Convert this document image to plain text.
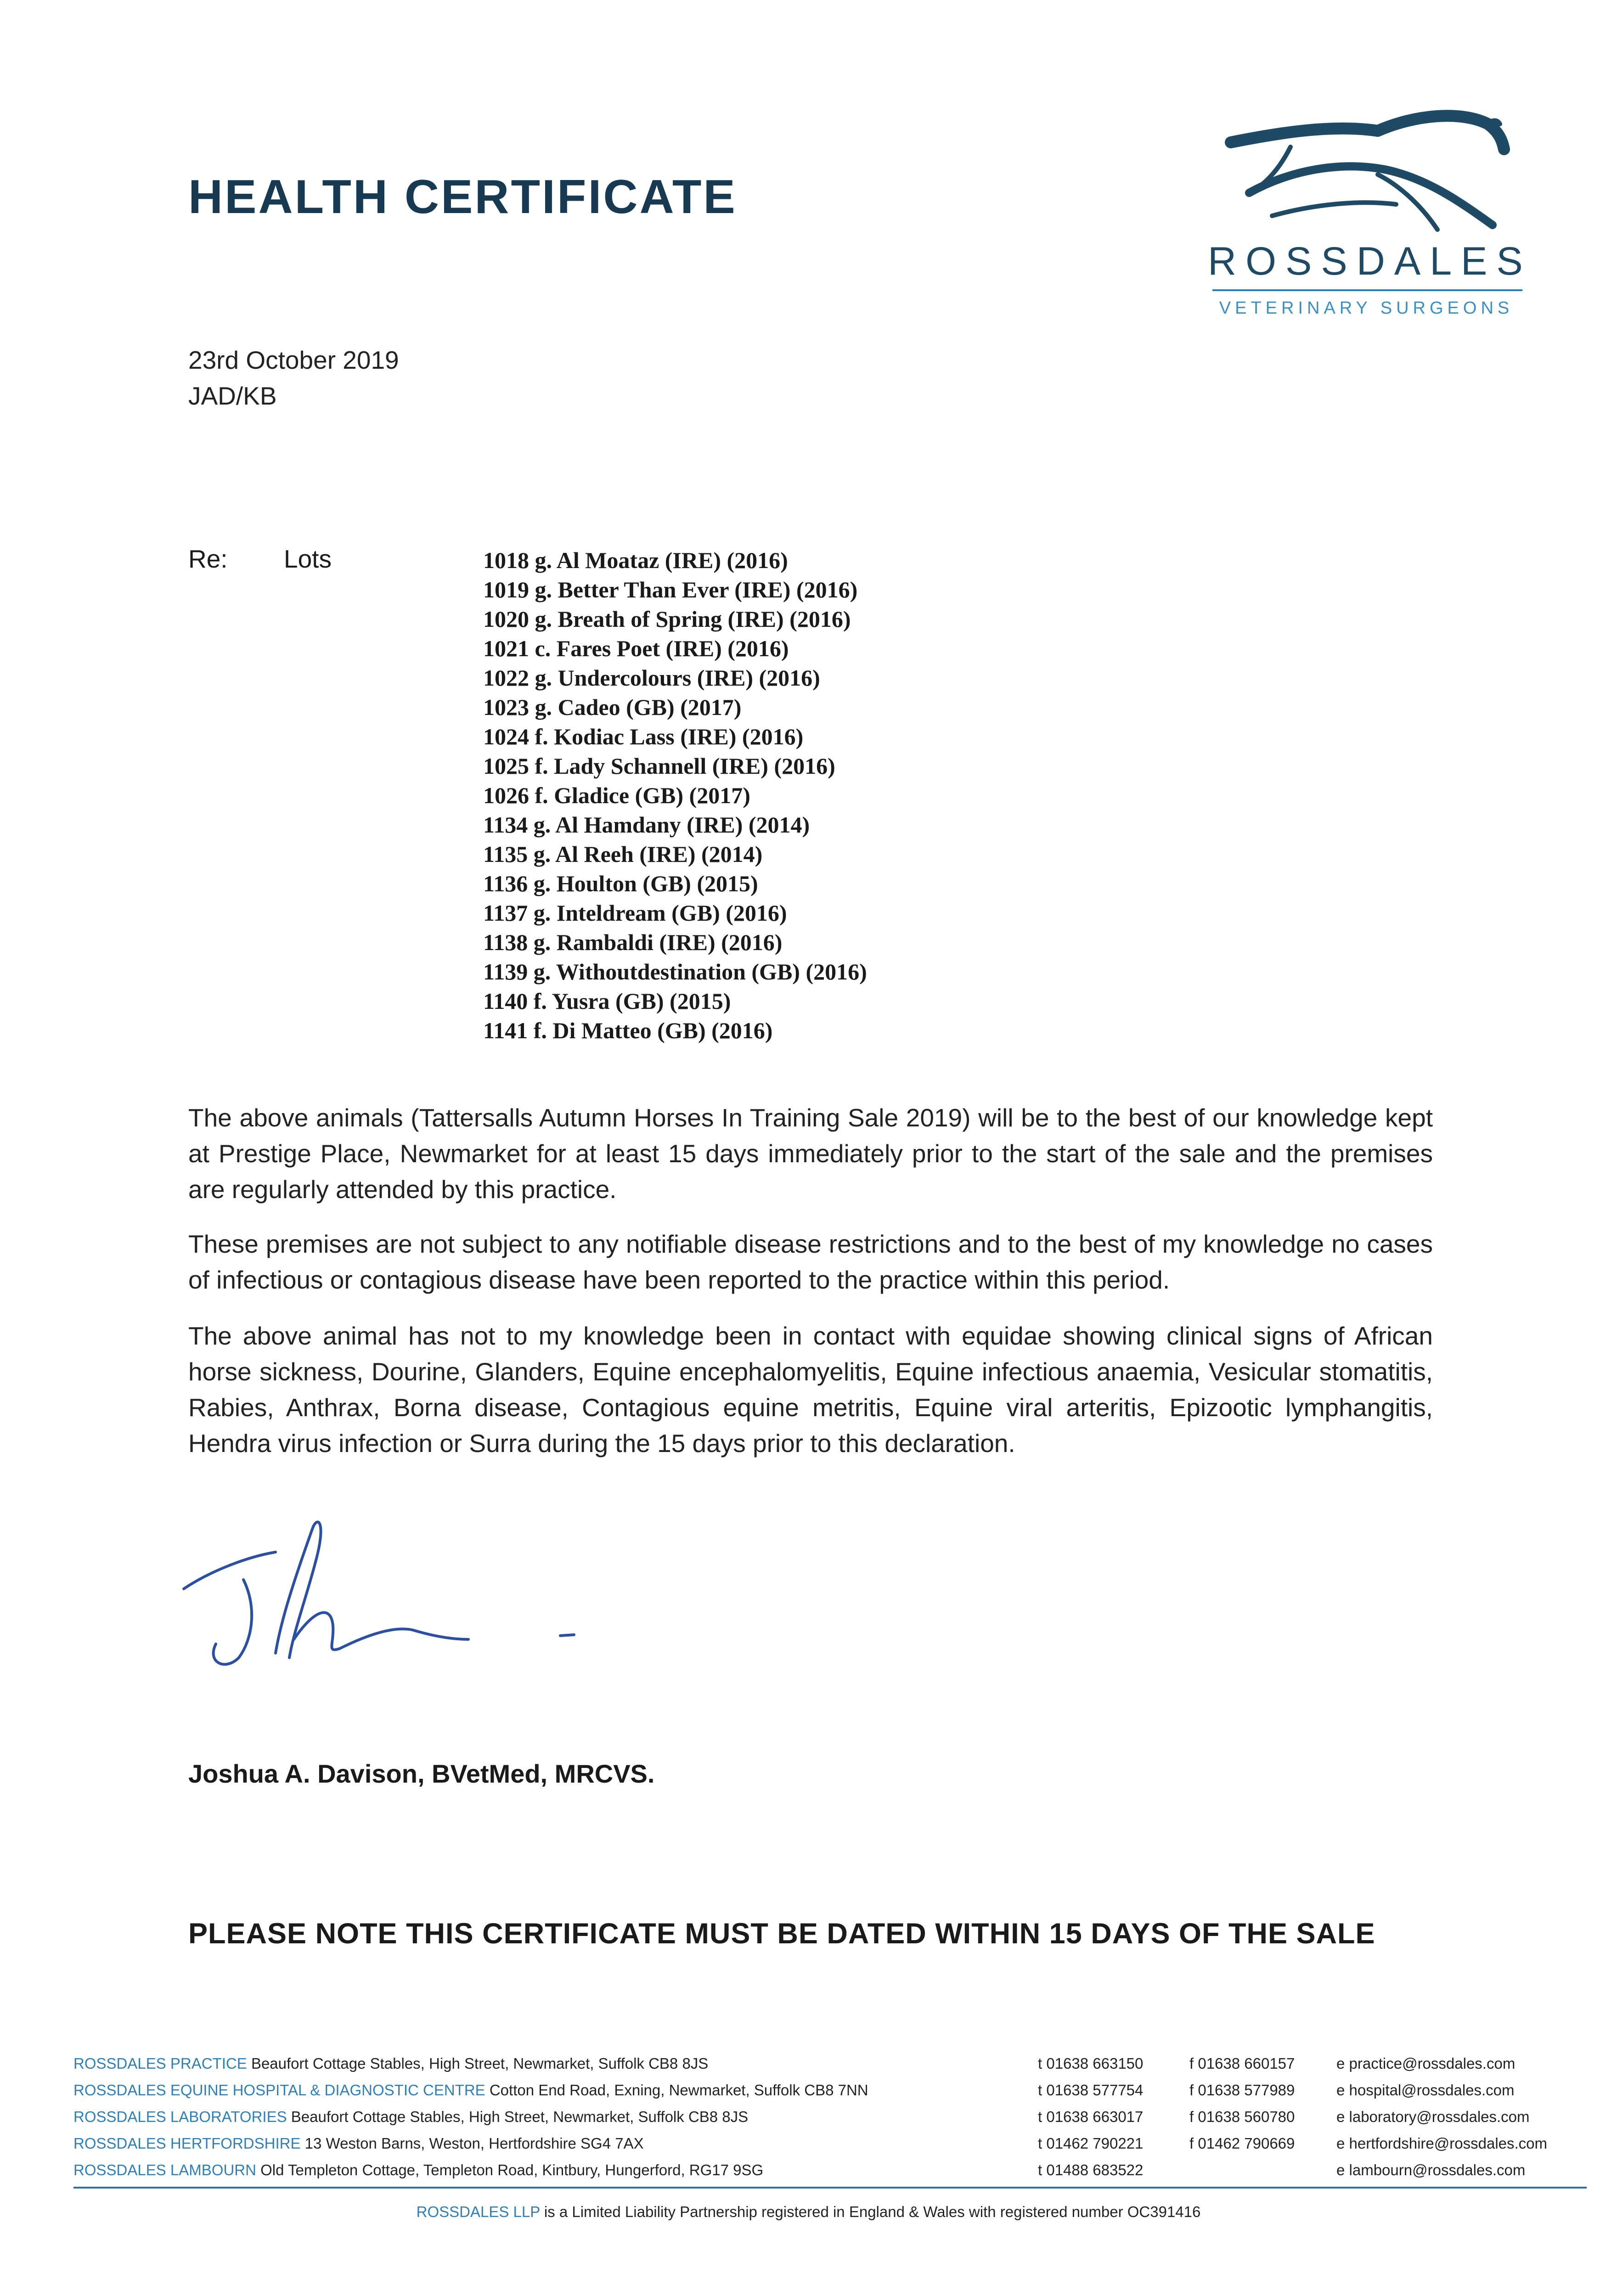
HEALTH CERTIFICATE
ROSSDALES
VETERINARY SURGEONS
23rd October 2019
JAD/KB
Re: Lots	1018 g. Al Moataz (IRE) (2016)
1019 g. Better Than Ever (IRE) (2016)
1020 g. Breath of Spring (IRE) (2016)
1021 c. Fares Poet (IRE) (2016)
1022 g. Undercolours (IRE) (2016)
1023 g. Cadeo (GB) (2017)
1024 f. Kodiac Lass (IRE) (2016)
1025 f. Lady Schannell (IRE) (2016)
1026 f. Gladice (GB) (2017)
1134 g. Al Hamdany (IRE) (2014)
1135 g. Al Reeh (IRE) (2014)
1136 g. Houlton (GB) (2015)
1137 g. Inteldream (GB) (2016)
1138 g. Rambaldi (IRE) (2016)
1139 g. Withoutdestination (GB) (2016)
1140 f. Yusra (GB) (2015)
1141 f. Di Matteo (GB) (2016)

The above animals (Tattersalls Autumn Horses In Training Sale 2019) will be to the best of our knowledge kept at Prestige Place, Newmarket for at least 15 days immediately prior to the start of the sale and the premises are regularly attended by this practice.

These premises are not subject to any notifiable disease restrictions and to the best of my knowledge no cases of infectious or contagious disease have been reported to the practice within this period.

The above animal has not to my knowledge been in contact with equidae showing clinical signs of African horse sickness, Dourine, Glanders, Equine encephalomyelitis, Equine infectious anaemia, Vesicular stomatitis, Rabies, Anthrax, Borna disease, Contagious equine metritis, Equine viral arteritis, Epizootic lymphangitis, Hendra virus infection or Surra during the 15 days prior to this declaration.

Joshua A. Davison, BVetMed, MRCVS.
PLEASE NOTE THIS CERTIFICATE MUST BE DATED WITHIN 15 DAYS OF THE SALE
ROSSDALES PRACTICE Beaufort Cottage Stables, High Street, Newmarket, Suffolk CB8 8JS	t 01638 663150	f 01638 660157	e practice@rossdales.com
ROSSDALES EQUINE HOSPITAL & DIAGNOSTIC CENTRE Cotton End Road, Exning, Newmarket, Suffolk CB8 7NN	t 01638 577754	f 01638 577989	e hospital@rossdales.com
ROSSDALES LABORATORIES Beaufort Cottage Stables, High Street, Newmarket, Suffolk CB8 8JS	t 01638 663017	f 01638 560780	e laboratory@rossdales.com
ROSSDALES HERTFORDSHIRE 13 Weston Barns, Weston, Hertfordshire SG4 7AX	t 01462 790221	f 01462 790669	e hertfordshire@rossdales.com
ROSSDALES LAMBOURN Old Templeton Cottage, Templeton Road, Kintbury, Hungerford, RG17 9SG	t 01488 683522		e lambourn@rossdales.com
ROSSDALES LLP is a Limited Liability Partnership registered in England & Wales with registered number OC391416
